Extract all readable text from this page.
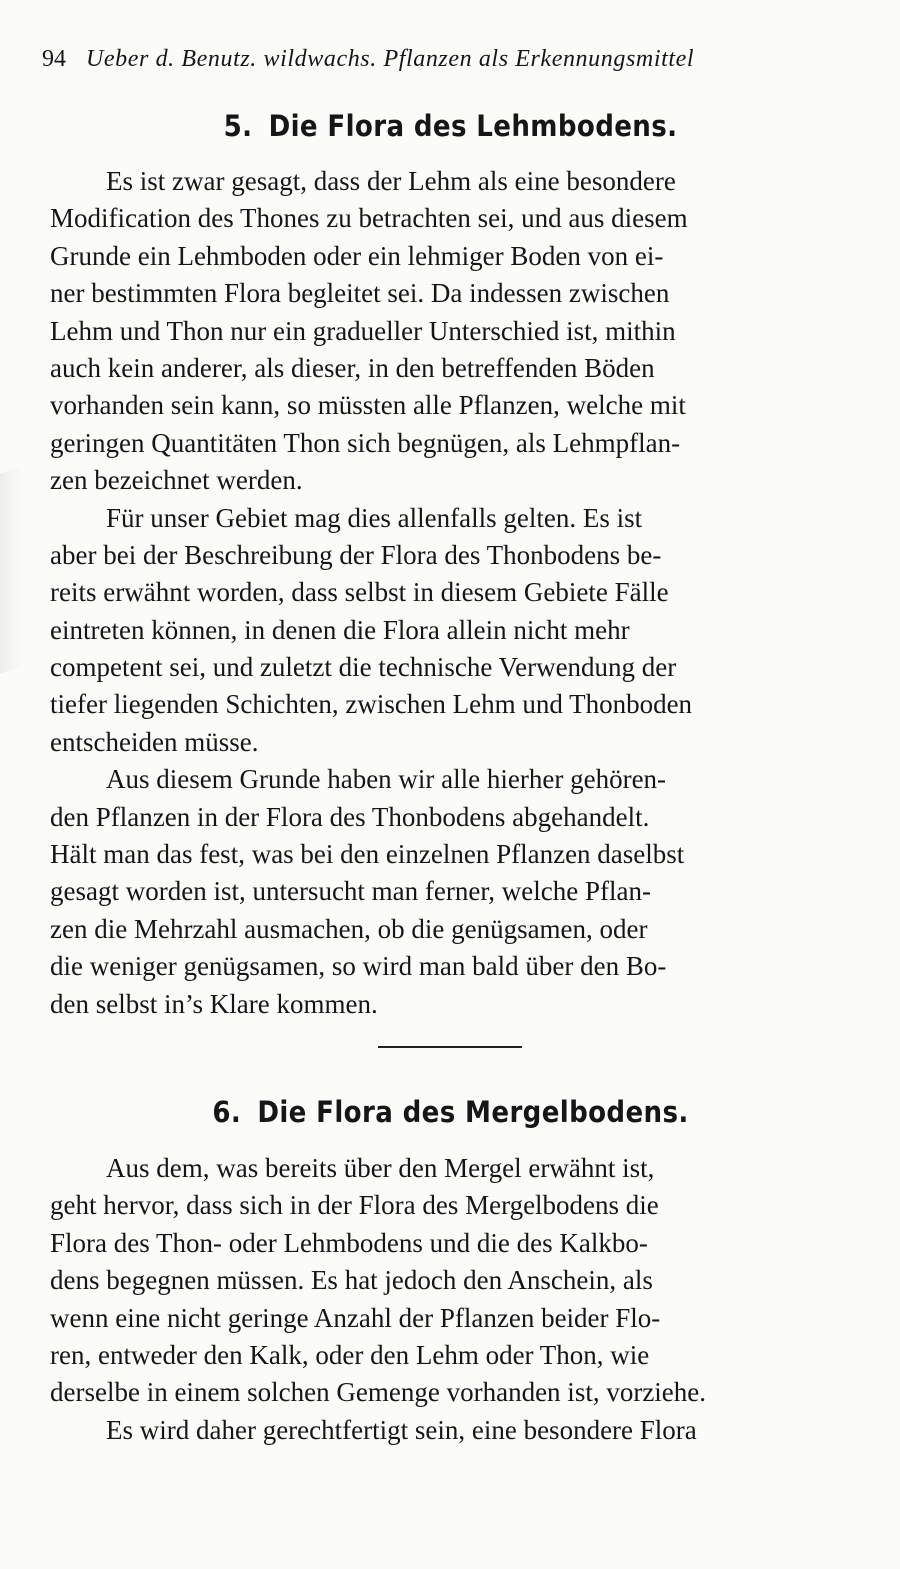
94 Ueber d. Benutz. wildwachs. Pflanzen als Erkennungsmittel
5. Die Flora des Lehmbodens.
Es ist zwar gesagt, dass der Lehm als eine besondere
Modification des Thones zu betrachten sei, und aus diesem
Grunde ein Lehmboden oder ein lehmiger Boden von ei-
ner bestimmten Flora begleitet sei. Da indessen zwischen
Lehm und Thon nur ein gradueller Unterschied ist, mithin
auch kein anderer, als dieser, in den betreffenden Böden
vorhanden sein kann, so müssten alle Pflanzen, welche mit
geringen Quantitäten Thon sich begnügen, als Lehmpflan-
zen bezeichnet werden.
Für unser Gebiet mag dies allenfalls gelten. Es ist
aber bei der Beschreibung der Flora des Thonbodens be-
reits erwähnt worden, dass selbst in diesem Gebiete Fälle
eintreten können, in denen die Flora allein nicht mehr
competent sei, und zuletzt die technische Verwendung der
tiefer liegenden Schichten, zwischen Lehm und Thonboden
entscheiden müsse.
Aus diesem Grunde haben wir alle hierher gehören-
den Pflanzen in der Flora des Thonbodens abgehandelt.
Hält man das fest, was bei den einzelnen Pflanzen daselbst
gesagt worden ist, untersucht man ferner, welche Pflan-
zen die Mehrzahl ausmachen, ob die genügsamen, oder
die weniger genügsamen, so wird man bald über den Bo-
den selbst in’s Klare kommen.
6. Die Flora des Mergelbodens.
Aus dem, was bereits über den Mergel erwähnt ist,
geht hervor, dass sich in der Flora des Mergelbodens die
Flora des Thon- oder Lehmbodens und die des Kalkbo-
dens begegnen müssen. Es hat jedoch den Anschein, als
wenn eine nicht geringe Anzahl der Pflanzen beider Flo-
ren, entweder den Kalk, oder den Lehm oder Thon, wie
derselbe in einem solchen Gemenge vorhanden ist, vorziehe.
Es wird daher gerechtfertigt sein, eine besondere Flora
